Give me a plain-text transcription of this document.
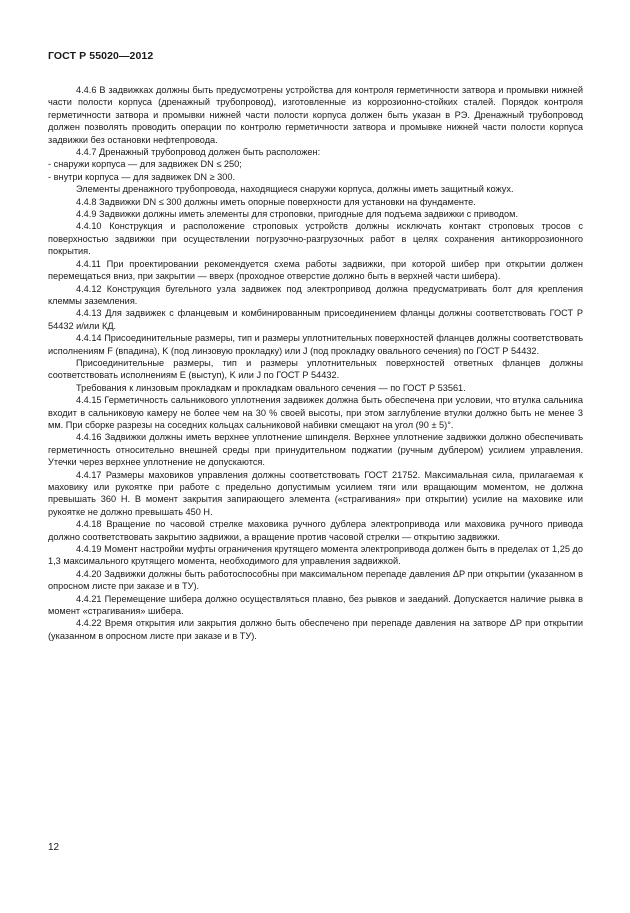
ГОСТ Р 55020—2012

4.4.6 В задвижках должны быть предусмотрены устройства для контроля герметичности затвора и промывки нижней части полости корпуса (дренажный трубопровод), изготовленные из коррозионно-стойких сталей. Порядок контроля герметичности затвора и промывки нижней части полости корпуса должен быть указан в РЭ. Дренажный трубопровод должен позволять проводить операции по контролю герметичности затвора и промывке нижней части полости корпуса задвижки без остановки нефтепровода.

4.4.7 Дренажный трубопровод должен быть расположен:

- снаружи корпуса — для задвижек DN ≤ 250;

- внутри корпуса — для задвижек DN ≥ 300.

Элементы дренажного трубопровода, находящиеся снаружи корпуса, должны иметь защитный кожух.

4.4.8 Задвижки DN ≤ 300 должны иметь опорные поверхности для установки на фундаменте.

4.4.9 Задвижки должны иметь элементы для строповки, пригодные для подъема задвижки с приводом.

4.4.10 Конструкция и расположение строповых устройств должны исключать контакт строповых тросов с поверхностью задвижки при осуществлении погрузочно-разгрузочных работ в целях сохранения антикоррозионного покрытия.

4.4.11 При проектировании рекомендуется схема работы задвижки, при которой шибер при открытии должен перемещаться вниз, при закрытии — вверх (проходное отверстие должно быть в верхней части шибера).

4.4.12 Конструкция бугельного узла задвижек под электропривод должна предусматривать болт для крепления клеммы заземления.

4.4.13 Для задвижек с фланцевым и комбинированным присоединением фланцы должны соответствовать ГОСТ Р 54432 и/или КД.

4.4.14 Присоединительные размеры, тип и размеры уплотнительных поверхностей фланцев должны соответствовать исполнениям F (впадина), K (под линзовую прокладку) или J (под прокладку овального сечения) по ГОСТ Р 54432.

Присоединительные размеры, тип и размеры уплотнительных поверхностей ответных фланцев должны соответствовать исполнениям E (выступ), K или J по ГОСТ Р 54432.

Требования к линзовым прокладкам и прокладкам овального сечения — по ГОСТ Р 53561.

4.4.15 Герметичность сальникового уплотнения задвижек должна быть обеспечена при условии, что втулка сальника входит в сальниковую камеру не более чем на 30 % своей высоты, при этом заглубление втулки должно быть не менее 3 мм. При сборке разрезы на соседних кольцах сальниковой набивки смещают на угол (90 ± 5)°.

4.4.16 Задвижки должны иметь верхнее уплотнение шпинделя. Верхнее уплотнение задвижки должно обеспечивать герметичность относительно внешней среды при принудительном поджатии (ручным дублером) усилием управления. Утечки через верхнее уплотнение не допускаются.

4.4.17 Размеры маховиков управления должны соответствовать ГОСТ 21752. Максимальная сила, прилагаемая к маховику или рукоятке при работе с предельно допустимым усилием тяги или вращающим моментом, не должна превышать 360 Н. В момент закрытия запирающего элемента («страгивания» при открытии) усилие на маховике или рукоятке не должно превышать 450 Н.

4.4.18 Вращение по часовой стрелке маховика ручного дублера электропривода или маховика ручного привода должно соответствовать закрытию задвижки, а вращение против часовой стрелки — открытию задвижки.

4.4.19 Момент настройки муфты ограничения крутящего момента электропривода должен быть в пределах от 1,25 до 1,3 максимального крутящего момента, необходимого для управления задвижкой.

4.4.20 Задвижки должны быть работоспособны при максимальном перепаде давления ΔP при открытии (указанном в опросном листе при заказе и в ТУ).

4.4.21 Перемещение шибера должно осуществляться плавно, без рывков и заеданий. Допускается наличие рывка в момент «страгивания» шибера.

4.4.22 Время открытия или закрытия должно быть обеспечено при перепаде давления на затворе ΔP при открытии (указанном в опросном листе при заказе и в ТУ).

12
